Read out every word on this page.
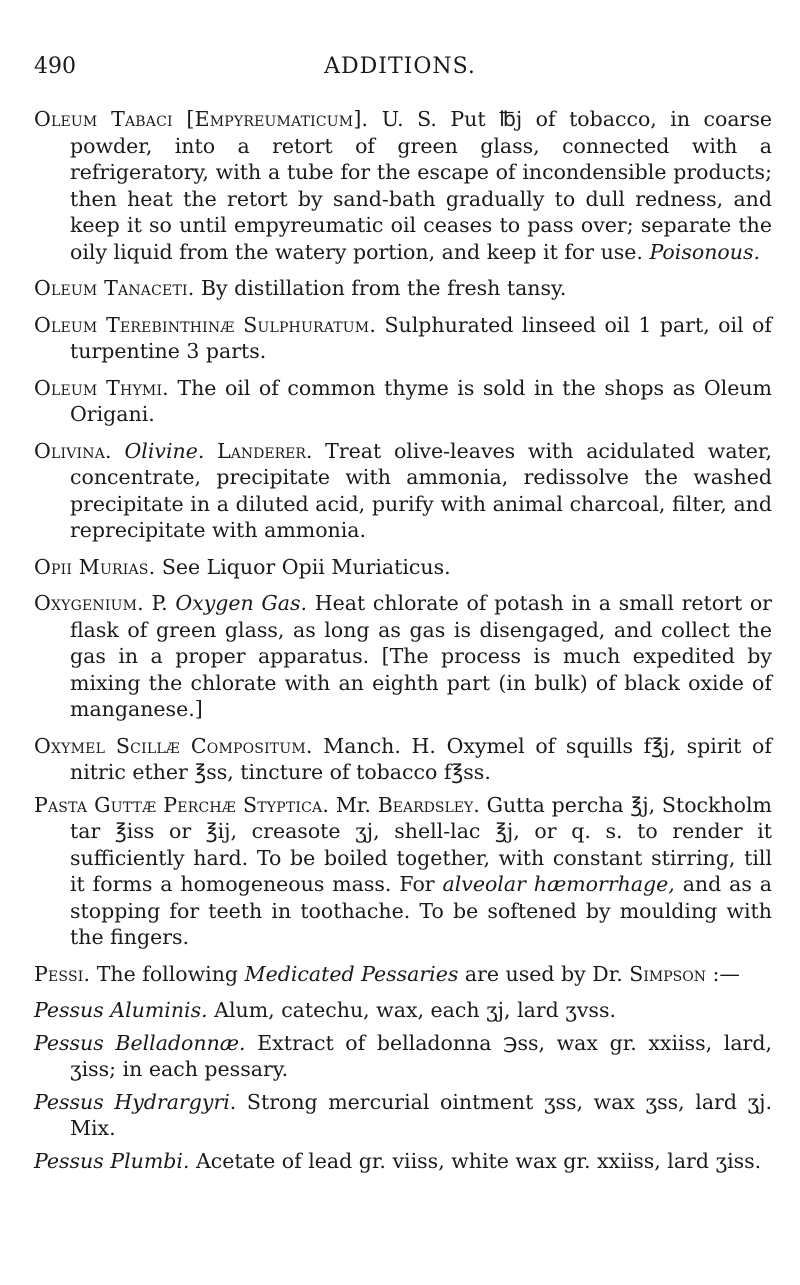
490	ADDITIONS.

Oleum Tabaci [Empyreumaticum]. U. S. Put ℔j of tobacco, in coarse powder, into a retort of green glass, connected with a refrigeratory, with a tube for the escape of incondensible products; then heat the retort by sand-bath gradually to dull redness, and keep it so until empyreumatic oil ceases to pass over; separate the oily liquid from the watery portion, and keep it for use. Poisonous.

Oleum Tanaceti. By distillation from the fresh tansy.

Oleum Terebinthinæ Sulphuratum. Sulphurated linseed oil 1 part, oil of turpentine 3 parts.

Oleum Thymi. The oil of common thyme is sold in the shops as Oleum Origani.

Olivina. Olivine. Landerer. Treat olive-leaves with acidulated water, concentrate, precipitate with ammonia, redissolve the washed precipitate in a diluted acid, purify with animal charcoal, filter, and reprecipitate with ammonia.

Opii Murias. See Liquor Opii Muriaticus.

Oxygenium. P. Oxygen Gas. Heat chlorate of potash in a small retort or flask of green glass, as long as gas is disengaged, and collect the gas in a proper apparatus. [The process is much expedited by mixing the chlorate with an eighth part (in bulk) of black oxide of manganese.]

Oxymel Scillæ Compositum. Manch. H. Oxymel of squills f℥j, spirit of nitric ether ℥ss, tincture of tobacco f℥ss.

Pasta Guttæ Perchæ Styptica. Mr. Beardsley. Gutta percha ℥j, Stockholm tar ℥iss or ℥ij, creasote ʒj, shell-lac ℥j, or q. s. to render it sufficiently hard. To be boiled together, with constant stirring, till it forms a homogeneous mass. For alveolar hæmorrhage, and as a stopping for teeth in toothache. To be softened by moulding with the fingers.

Pessi. The following Medicated Pessaries are used by Dr. Simpson :—

Pessus Aluminis. Alum, catechu, wax, each ʒj, lard ʒvss.

Pessus Belladonnæ. Extract of belladonna ℈ss, wax gr. xxiiss, lard, ʒiss; in each pessary.

Pessus Hydrargyri. Strong mercurial ointment ʒss, wax ʒss, lard ʒj. Mix.

Pessus Plumbi. Acetate of lead gr. viiss, white wax gr. xxiiss, lard ʒiss.
